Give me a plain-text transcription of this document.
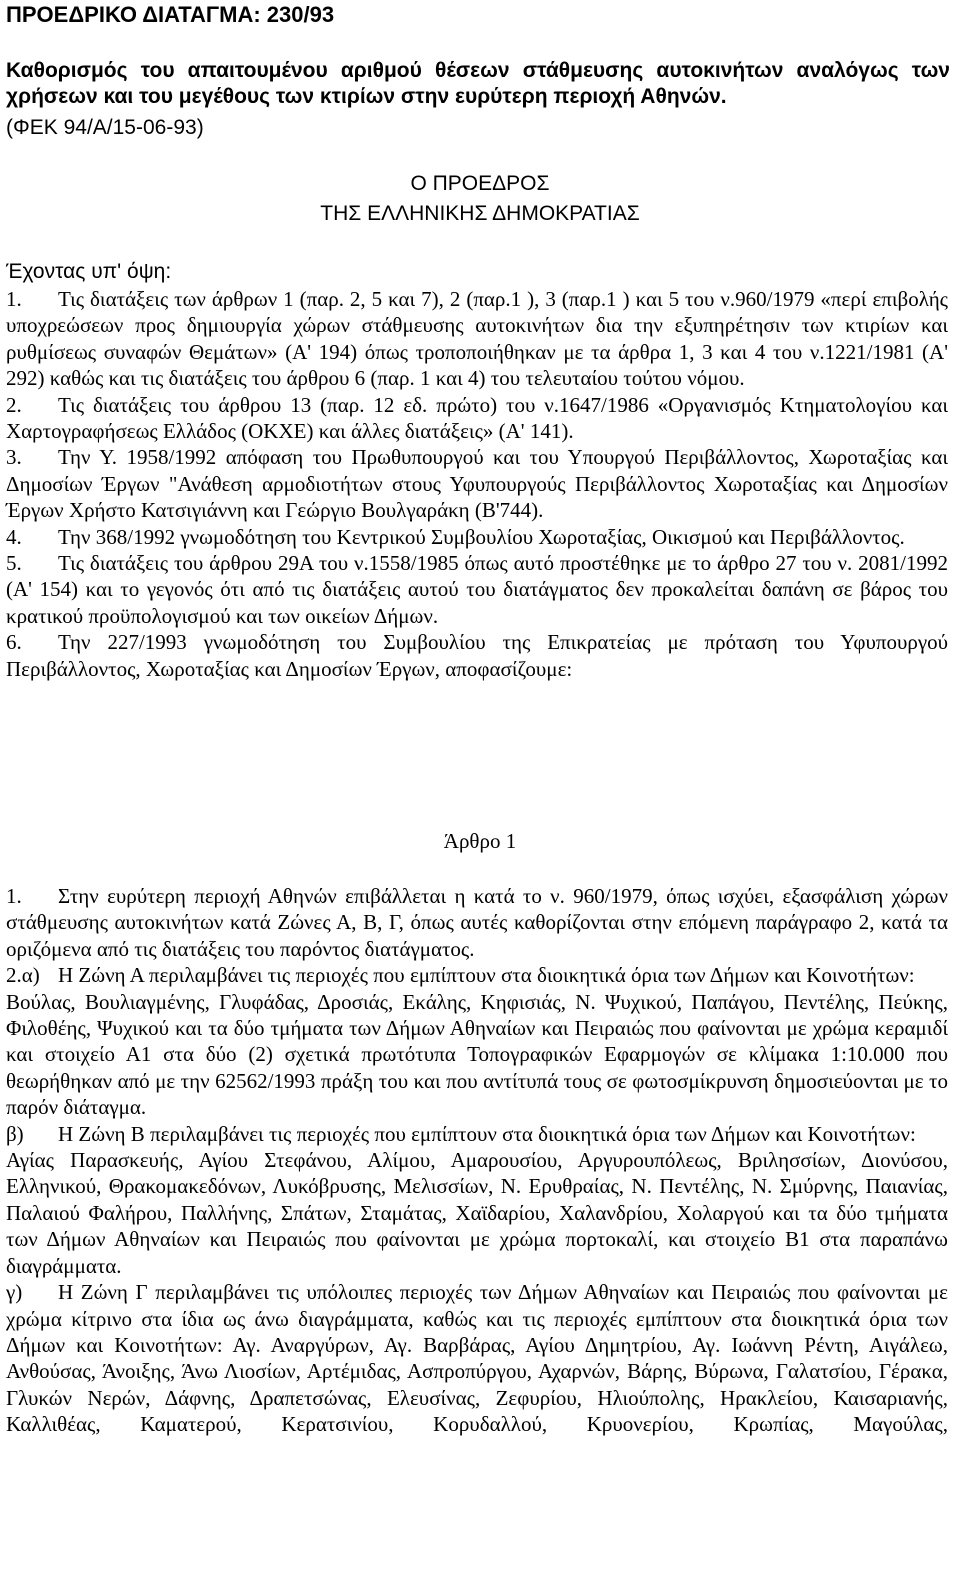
ΠΡΟΕΔΡΙΚΟ ΔΙΑΤΑΓΜΑ: 230/93
Καθορισμός του απαιτουμένου αριθμού θέσεων στάθμευσης αυτοκινήτων αναλόγως των χρήσεων και του μεγέθους των κτιρίων στην ευρύτερη περιοχή Αθηνών.
(ΦΕΚ 94/Α/15-06-93)
Ο ΠΡΟΕΔΡΟΣ
ΤΗΣ ΕΛΛΗΝΙΚΗΣ ΔΗΜΟΚΡΑΤΙΑΣ
Έχοντας υπ' όψη:

1. Τις διατάξεις των άρθρων 1 (παρ. 2, 5 και 7), 2 (παρ.1 ), 3 (παρ.1 ) και 5 του ν.960/1979 «περί επιβολής υποχρεώσεων προς δημιουργία χώρων στάθμευσης αυτοκινήτων δια την εξυπηρέτησιν των κτιρίων και ρυθμίσεως συναφών Θεμάτων» (Α' 194) όπως τροποποιήθηκαν με τα άρθρα 1, 3 και 4 του ν.1221/1981 (Α' 292) καθώς και τις διατάξεις του άρθρου 6 (παρ. 1 και 4) του τελευταίου τούτου νόμου.

2. Τις διατάξεις του άρθρου 13 (παρ. 12 εδ. πρώτο) του ν.1647/1986 «Οργανισμός Κτηματολογίου και Χαρτογραφήσεως Ελλάδος (ΟΚΧΕ) και άλλες διατάξεις» (Α' 141).

3. Την Υ. 1958/1992 απόφαση του Πρωθυπουργού και του Υπουργού Περιβάλλοντος, Χωροταξίας και Δημοσίων Έργων "Ανάθεση αρμοδιοτήτων στους Υφυπουργούς Περιβάλλοντος Χωροταξίας και Δημοσίων Έργων Χρήστο Κατσιγιάννη και Γεώργιο Βουλγαράκη (Β'744).

4. Την 368/1992 γνωμοδότηση του Κεντρικού Συμβουλίου Χωροταξίας, Οικισμού και Περιβάλλοντος.

5. Τις διατάξεις του άρθρου 29Α του ν.1558/1985 όπως αυτό προστέθηκε με το άρθρο 27 του ν. 2081/1992 (Α' 154) και το γεγονός ότι από τις διατάξεις αυτού του διατάγματος δεν προκαλείται δαπάνη σε βάρος του κρατικού προϋπολογισμού και των οικείων Δήμων.

6. Την 227/1993 γνωμοδότηση του Συμβουλίου της Επικρατείας με πρόταση του Υφυπουργού Περιβάλλοντος, Χωροταξίας και Δημοσίων Έργων, αποφασίζουμε:

Άρθρο 1

1. Στην ευρύτερη περιοχή Αθηνών επιβάλλεται η κατά το ν. 960/1979, όπως ισχύει, εξασφάλιση χώρων στάθμευσης αυτοκινήτων κατά Ζώνες Α, Β, Γ, όπως αυτές καθορίζονται στην επόμενη παράγραφο 2, κατά τα οριζόμενα από τις διατάξεις του παρόντος διατάγματος.

2.α) Η Ζώνη Α περιλαμβάνει τις περιοχές που εμπίπτουν στα διοικητικά όρια των Δήμων και Κοινοτήτων:

Βούλας, Βουλιαγμένης, Γλυφάδας, Δροσιάς, Εκάλης, Κηφισιάς, Ν. Ψυχικού, Παπάγου, Πεντέλης, Πεύκης, Φιλοθέης, Ψυχικού και τα δύο τμήματα των Δήμων Αθηναίων και Πειραιώς που φαίνονται με χρώμα κεραμιδί και στοιχείο Α1 στα δύο (2) σχετικά πρωτότυπα Τοπογραφικών Εφαρμογών σε κλίμακα 1:10.000 που θεωρήθηκαν από με την 62562/1993 πράξη του και που αντίτυπά τους σε φωτοσμίκρυνση δημοσιεύονται με το παρόν διάταγμα.

β) Η Ζώνη Β περιλαμβάνει τις περιοχές που εμπίπτουν στα διοικητικά όρια των Δήμων και Κοινοτήτων:

Αγίας Παρασκευής, Αγίου Στεφάνου, Αλίμου, Αμαρουσίου, Αργυρουπόλεως, Βριλησσίων, Διονύσου, Ελληνικού, Θρακομακεδόνων, Λυκόβρυσης, Μελισσίων, Ν. Ερυθραίας, Ν. Πεντέλης, Ν. Σμύρνης, Παιανίας, Παλαιού Φαλήρου, Παλλήνης, Σπάτων, Σταμάτας, Χαϊδαρίου, Χαλανδρίου, Χολαργού και τα δύο τμήματα των Δήμων Αθηναίων και Πειραιώς που φαίνονται με χρώμα πορτοκαλί, και στοιχείο Β1 στα παραπάνω διαγράμματα.

γ) Η Ζώνη Γ περιλαμβάνει τις υπόλοιπες περιοχές των Δήμων Αθηναίων και Πειραιώς που φαίνονται με χρώμα κίτρινο στα ίδια ως άνω διαγράμματα, καθώς και τις περιοχές εμπίπτουν στα διοικητικά όρια των Δήμων και Κοινοτήτων: Αγ. Αναργύρων, Αγ. Βαρβάρας, Αγίου Δημητρίου, Αγ. Ιωάννη Ρέντη, Αιγάλεω, Ανθούσας, Άνοιξης, Άνω Λιοσίων, Αρτέμιδας, Ασπροπύργου, Αχαρνών, Βάρης, Βύρωνα, Γαλατσίου, Γέρακα, Γλυκών Νερών, Δάφνης, Δραπετσώνας, Ελευσίνας, Ζεφυρίου, Ηλιούπολης, Ηρακλείου, Καισαριανής, Καλλιθέας, Καματερού, Κερατσινίου, Κορυδαλλού, Κρυονερίου, Κρωπίας, Μαγούλας,
